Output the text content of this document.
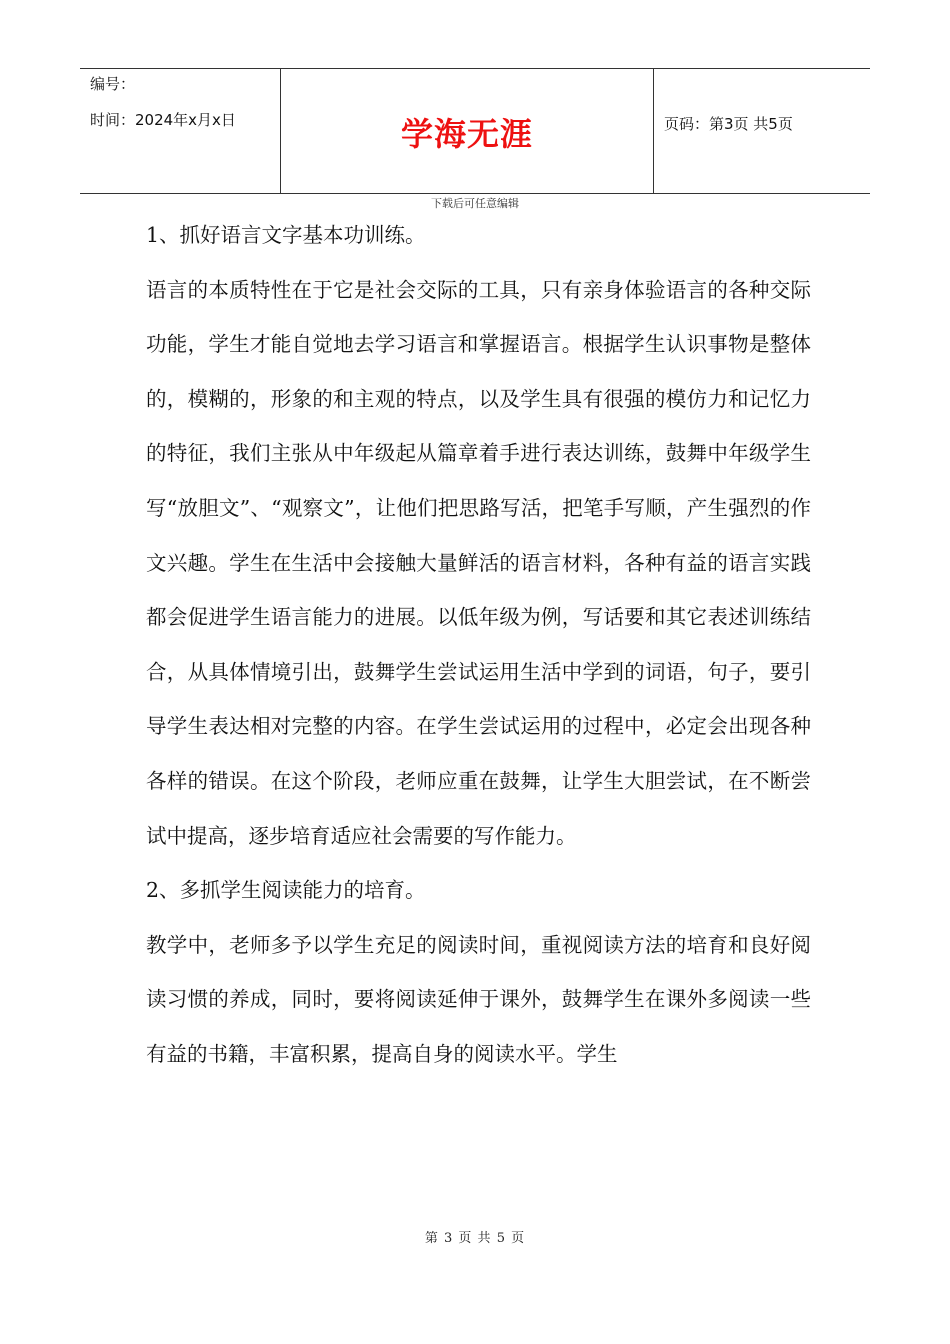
编号：
时间：2024年x月x日	学海无涯	页码：第3页 共5页
下载后可任意编辑

1、抓好语言文字基本功训练。

语言的本质特性在于它是社会交际的工具，只有亲身体验语言的各种交际功能，学生才能自觉地去学习语言和掌握语言。根据学生认识事物是整体的，模糊的，形象的和主观的特点，以及学生具有很强的模仿力和记忆力的特征，我们主张从中年级起从篇章着手进行表达训练，鼓舞中年级学生写“放胆文”、“观察文”，让他们把思路写活，把笔手写顺，产生强烈的作文兴趣。学生在生活中会接触大量鲜活的语言材料，各种有益的语言实践都会促进学生语言能力的进展。以低年级为例，写话要和其它表述训练结合，从具体情境引出，鼓舞学生尝试运用生活中学到的词语，句子，要引导学生表达相对完整的内容。在学生尝试运用的过程中，必定会出现各种各样的错误。在这个阶段，老师应重在鼓舞，让学生大胆尝试，在不断尝试中提高，逐步培育适应社会需要的写作能力。

2、多抓学生阅读能力的培育。

教学中，老师多予以学生充足的阅读时间，重视阅读方法的培育和良好阅读习惯的养成，同时，要将阅读延伸于课外，鼓舞学生在课外多阅读一些有益的书籍，丰富积累，提高自身的阅读水平。学生

第 3 页 共 5 页
